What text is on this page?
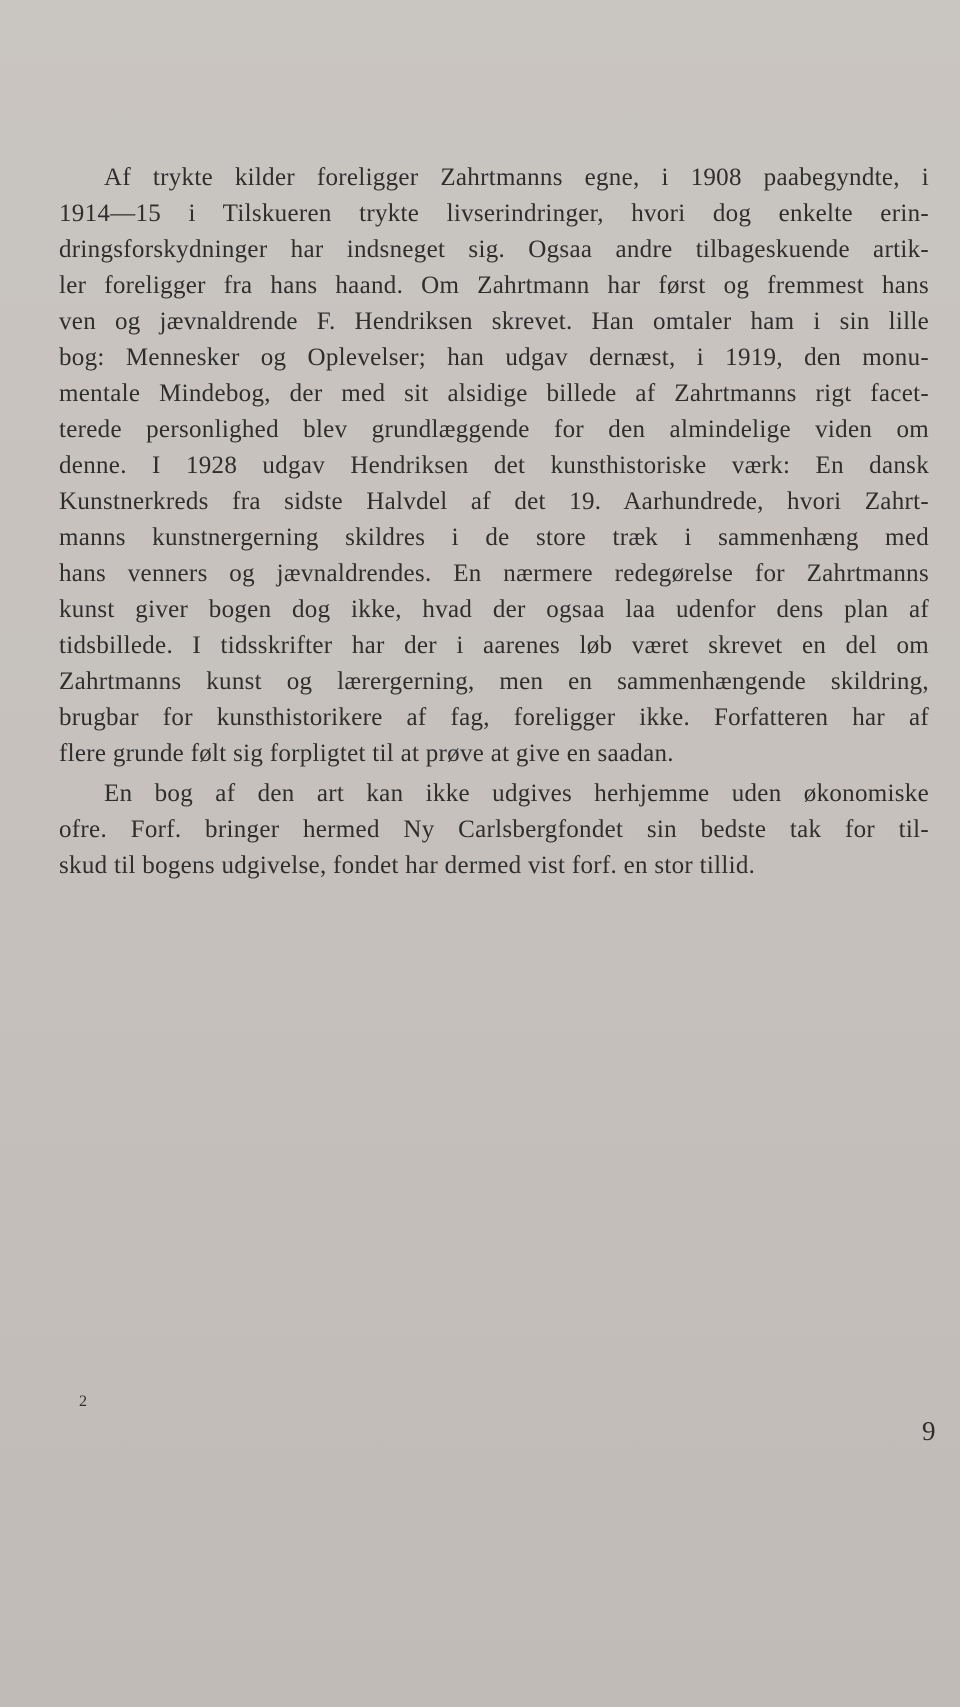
Af trykte kilder foreligger Zahrtmanns egne, i 1908 paabegyndte, i
1914—15 i Tilskueren trykte livserindringer, hvori dog enkelte erin-
dringsforskydninger har indsneget sig. Ogsaa andre tilbageskuende artik-
ler foreligger fra hans haand. Om Zahrtmann har først og fremmest hans
ven og jævnaldrende F. Hendriksen skrevet. Han omtaler ham i sin lille
bog: Mennesker og Oplevelser; han udgav dernæst, i 1919, den monu-
mentale Mindebog, der med sit alsidige billede af Zahrtmanns rigt facet-
terede personlighed blev grundlæggende for den almindelige viden om
denne. I 1928 udgav Hendriksen det kunsthistoriske værk: En dansk
Kunstnerkreds fra sidste Halvdel af det 19. Aarhundrede, hvori Zahrt-
manns kunstnergerning skildres i de store træk i sammenhæng med
hans venners og jævnaldrendes. En nærmere redegørelse for Zahrtmanns
kunst giver bogen dog ikke, hvad der ogsaa laa udenfor dens plan af
tidsbillede. I tidsskrifter har der i aarenes løb været skrevet en del om
Zahrtmanns kunst og lærergerning, men en sammenhængende skildring,
brugbar for kunsthistorikere af fag, foreligger ikke. Forfatteren har af
flere grunde følt sig forpligtet til at prøve at give en saadan.
En bog af den art kan ikke udgives herhjemme uden økonomiske
ofre. Forf. bringer hermed Ny Carlsbergfondet sin bedste tak for til-
skud til bogens udgivelse, fondet har dermed vist forf. en stor tillid.
2
9
